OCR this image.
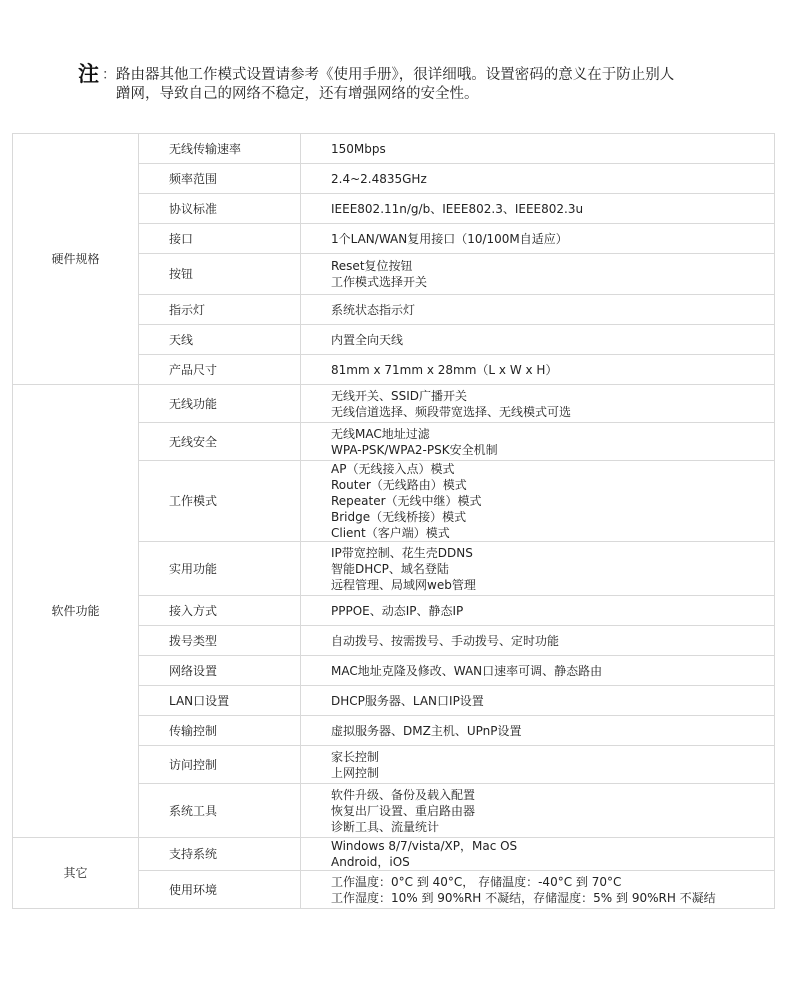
注 ： 路由器其他工作模式设置请参考《使用手册》，很详细哦。设置密码的意义在于防止别人
蹭网，导致自己的网络不稳定，还有增强网络的安全性。
硬件规格	无线传输速率	150Mbps

	频率范围	2.4~2.4835GHz

	协议标准	IEEE802.11n/g/b、IEEE802.3、IEEE802.3u

	接口	1个LAN/WAN复用接口（10/100M自适应）

	按钮	Reset复位按钮
工作模式选择开关

	指示灯	系统状态指示灯

	天线	内置全向天线

	产品尺寸	81mm x 71mm x 28mm（L x W x H）

软件功能	无线功能	无线开关、SSID广播开关
无线信道选择、频段带宽选择、无线模式可选

	无线安全	无线MAC地址过滤
WPA-PSK/WPA2-PSK安全机制

	工作模式	AP（无线接入点）模式
Router（无线路由）模式
Repeater（无线中继）模式
Bridge（无线桥接）模式
Client（客户端）模式

	实用功能	IP带宽控制、花生壳DDNS
智能DHCP、域名登陆
远程管理、局域网web管理

	接入方式	PPPOE、动态IP、静态IP

	拨号类型	自动拨号、按需拨号、手动拨号、定时功能

	网络设置	MAC地址克隆及修改、WAN口速率可调、静态路由

	LAN口设置	DHCP服务器、LAN口IP设置

	传输控制	虚拟服务器、DMZ主机、UPnP设置

	访问控制	家长控制
上网控制

	系统工具	软件升级、备份及载入配置
恢复出厂设置、重启路由器
诊断工具、流量统计

其它	支持系统	Windows 8/7/vista/XP，Mac OS
Android，iOS

	使用环境	工作温度：0°C 到 40°C， 存储温度：-40°C 到 70°C
工作湿度：10% 到 90%RH 不凝结，存储湿度：5% 到 90%RH 不凝结
